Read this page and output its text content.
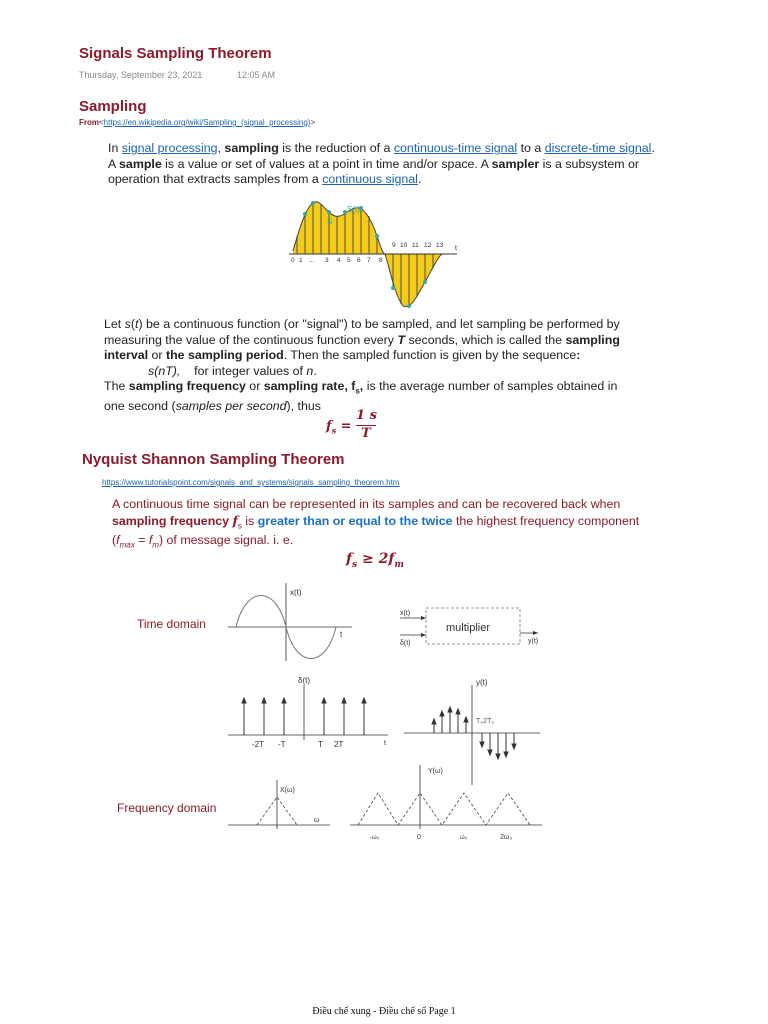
Signals Sampling Theorem
Thursday, September 23, 2021	12:05 AM
Sampling
From<https://en.wikipedia.org/wiki/Sampling_(signal_processing)>
In signal processing, sampling is the reduction of a continuous-time signal to a discrete-time signal.
A sample is a value or set of values at a point in time and/or space. A sampler is a subsystem or
operation that extracts samples from a continuous signal.
S
S(t)
t
9 10 11 12 13
0 1 ... 3 4 5 6 7 8
Let s(t) be a continuous function (or "signal") to be sampled, and let sampling be performed by
measuring the value of the continuous function every T seconds, which is called the sampling
interval or the sampling period. Then the sampled function is given by the sequence:
s(nT), for integer values of n.
The sampling frequency or sampling rate, $f_s$, is the average number of samples obtained in
one second (samples per second), thus
$f_s$ =
1 s
T
Nyquist Shannon Sampling Theorem
https://www.tutorialspoint.com/signals_and_systems/signals_sampling_theorem.htm
A continuous time signal can be represented in its samples and can be recovered back when
sampling frequency $f_s$ is greater than or equal to the twice the highest frequency component
$(f_{max} = f_m)$ of message signal. i. e.
$f_s \ge 2f_m$
Time domain
Frequency domain
x(t)
t
x(t)
δ(t)	y(t)
multiplier
δ(t)
-2T -T	T 2T	t
y(t)
T₀2T₀
X(ω)
ω
Y(ω)
-ω₀	0	ω₀	2ω₀
Điều chế xung - Điều chế số Page 1
